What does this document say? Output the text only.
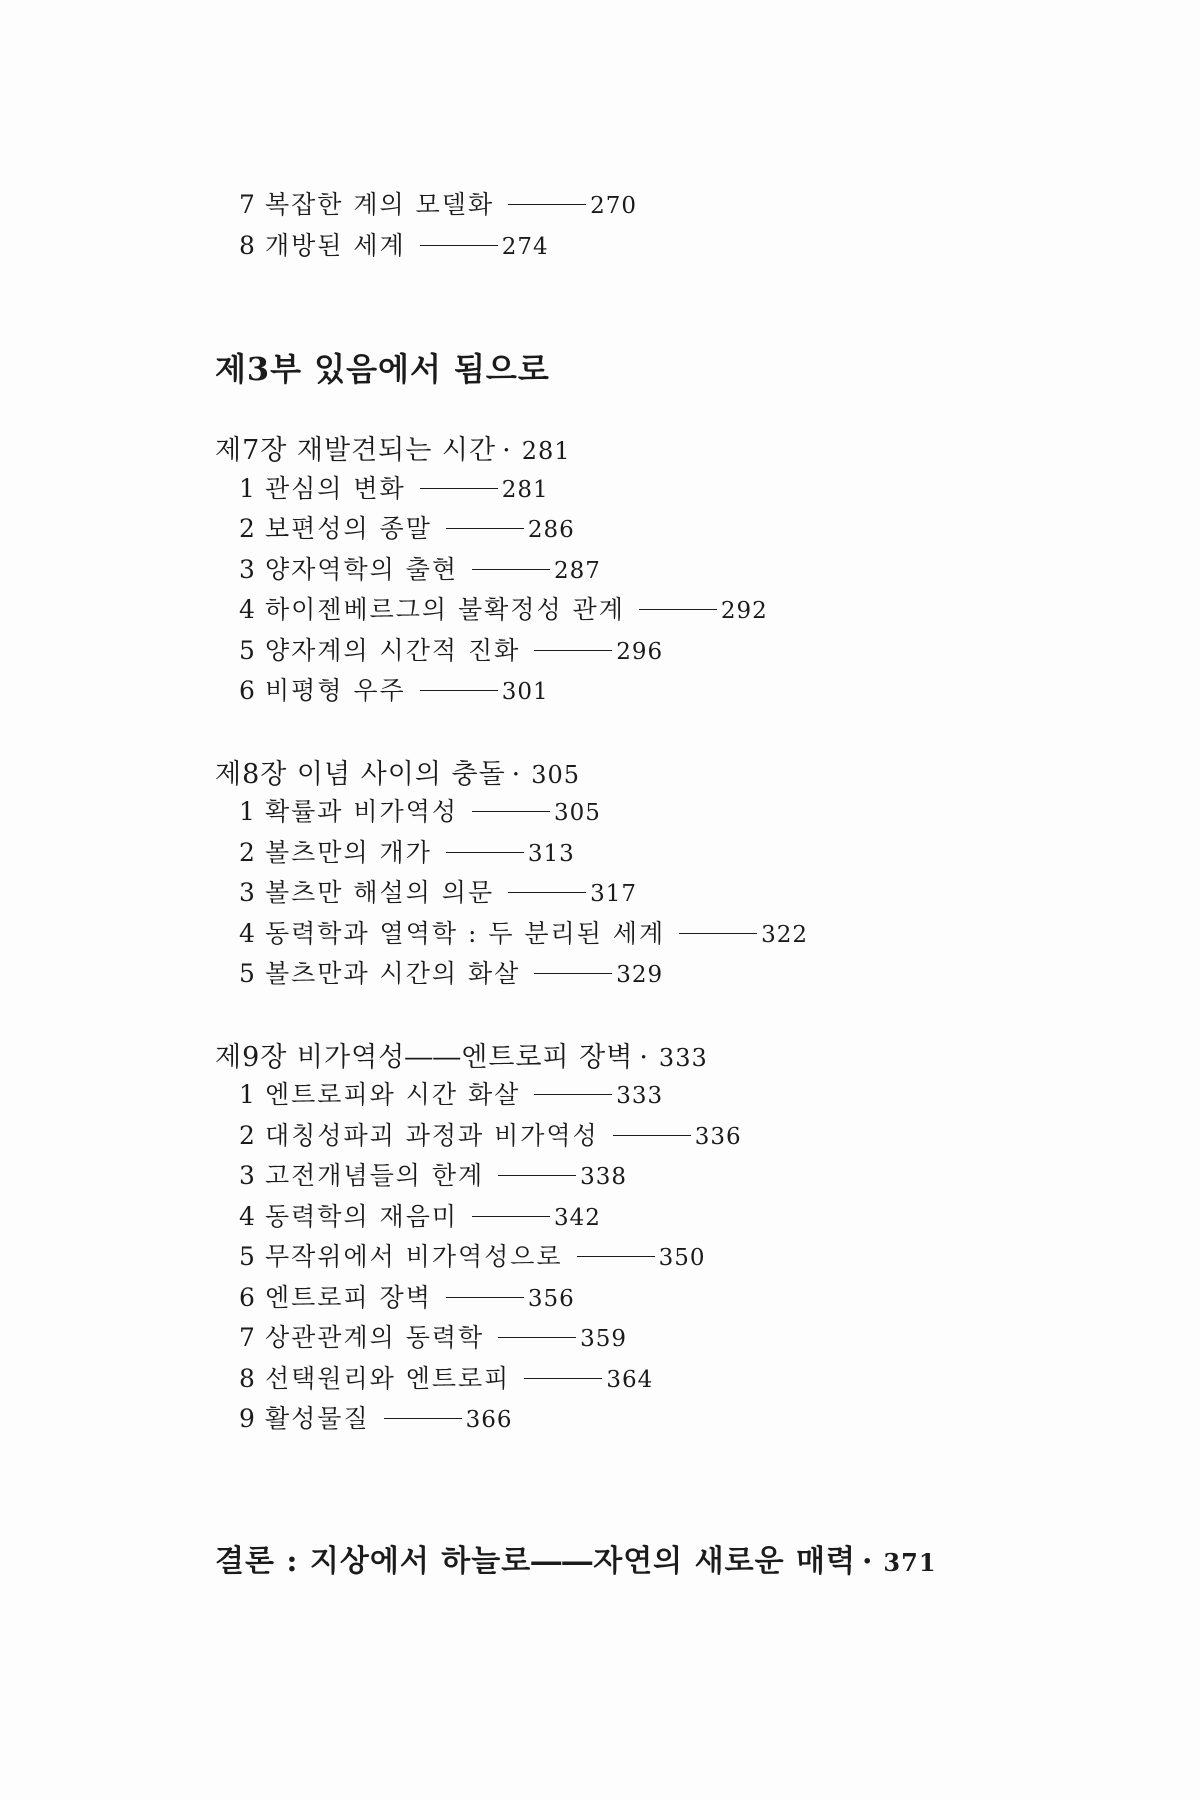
7 복잡한 계의 모델화	270
8 개방된 세계	274
제3부 있음에서 됨으로
제7장 재발견되는 시간 · 281
1 관심의 변화	281
2 보편성의 종말	286
3 양자역학의 출현	287
4 하이젠베르그의 불확정성 관계	292
5 양자계의 시간적 진화	296
6 비평형 우주	301
제8장 이념 사이의 충돌 · 305
1 확률과 비가역성	305
2 볼츠만의 개가	313
3 볼츠만 해설의 의문	317
4 동력학과 열역학 : 두 분리된 세계	322
5 볼츠만과 시간의 화살	329
제9장 비가역성――엔트로피 장벽 · 333
1 엔트로피와 시간 화살	333
2 대칭성파괴 과정과 비가역성	336
3 고전개념들의 한계	338
4 동력학의 재음미	342
5 무작위에서 비가역성으로	350
6 엔트로피 장벽	356
7 상관관계의 동력학	359
8 선택원리와 엔트로피	364
9 활성물질	366
결론 : 지상에서 하늘로――자연의 새로운 매력 · 371
